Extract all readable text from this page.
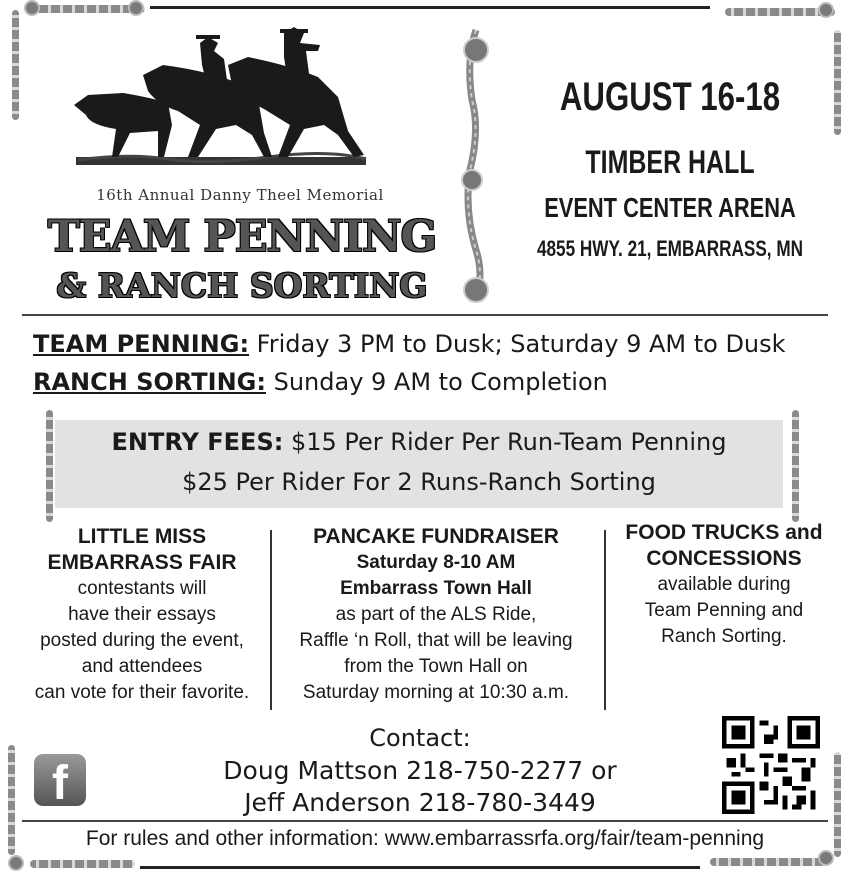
16th Annual Danny Theel Memorial
TEAM PENNING
& RANCH SORTING
AUGUST 16-18
TIMBER HALL
EVENT CENTER ARENA
4855 HWY. 21, EMBARRASS, MN
TEAM PENNING: Friday 3 PM to Dusk; Saturday 9 AM to Dusk
RANCH SORTING: Sunday 9 AM to Completion
ENTRY FEES: $15 Per Rider Per Run-Team Penning
$25 Per Rider For 2 Runs-Ranch Sorting
LITTLE MISS
EMBARRASS FAIR
contestants will
have their essays
posted during the event,
and attendees
can vote for their favorite.
PANCAKE FUNDRAISER
Saturday 8-10 AM
Embarrass Town Hall
as part of the ALS Ride,
Raffle ‘n Roll, that will be leaving
from the Town Hall on
Saturday morning at 10:30 a.m.
FOOD TRUCKS and
CONCESSIONS
available during
Team Penning and
Ranch Sorting.
Contact:
Doug Mattson 218-750-2277 or
Jeff Anderson 218-780-3449
f
For rules and other information: www.embarrassrfa.org/fair/team-penning
